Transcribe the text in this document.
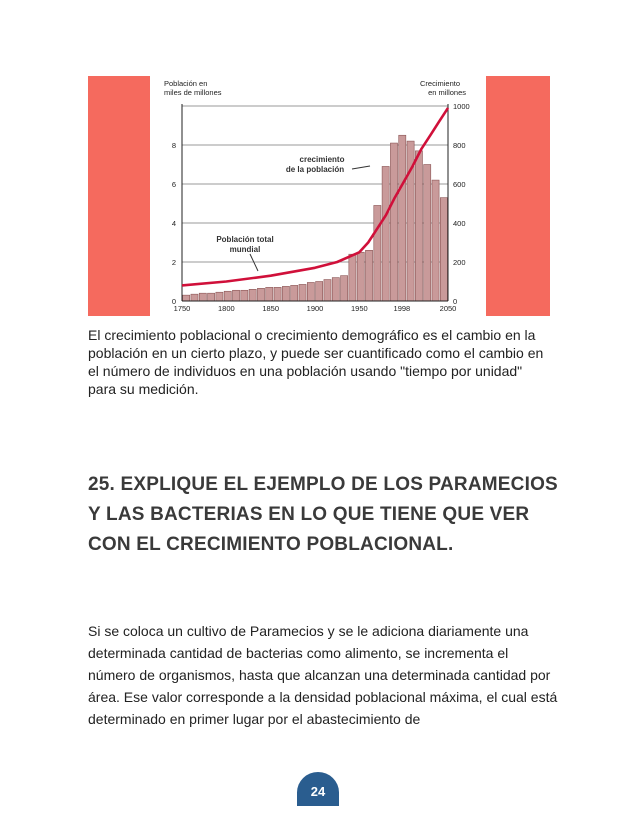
0
2
4
6
8
0
200
400
600
800
1000
1750	1800	1850	1900	1950	1998	2050
Población en
miles de millones
Crecimiento
en millones
crecimiento
de la población
Población total
mundial

El crecimiento poblacional o crecimiento demográfico es el cambio en la población en un cierto plazo, y puede ser cuantificado como el cambio en el número de individuos en una población usando "tiempo por unidad" para su medición.

25. EXPLIQUE EL EJEMPLO DE LOS PARAMECIOS Y LAS BACTERIAS EN LO QUE TIENE QUE VER CON EL CRECIMIENTO POBLACIONAL.

Si se coloca un cultivo de Paramecios y se le adiciona diariamente una determinada cantidad de bacterias como alimento, se incrementa el número de organismos, hasta que alcanzan una determinada cantidad por área. Ese valor corresponde a la densidad poblacional máxima, el cual está determinado en primer lugar por el abastecimiento de

24
